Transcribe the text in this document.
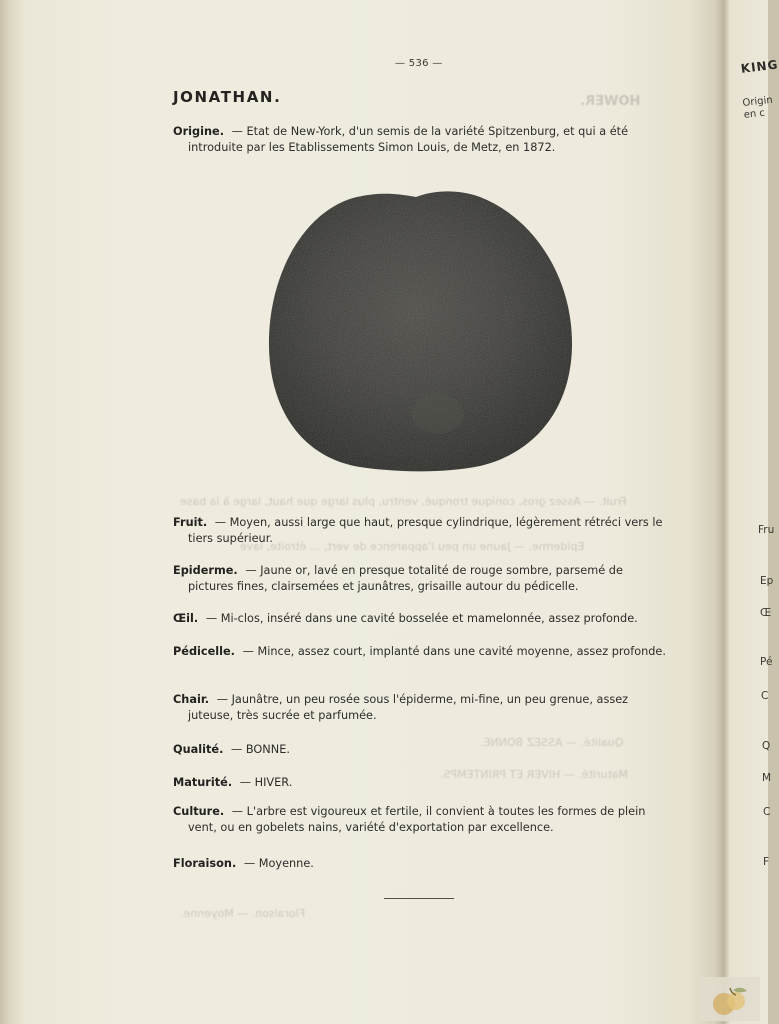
HOWER.
Fruit. — Assez gros, conique tronqué, ventru, plus large que haut, large à la base
Epiderme. — Jaune un peu l'apparence de vert, ... étroite, lavé
Qualité. — ASSEZ BONNE.
Maturité. — HIVER ET PRINTEMPS.
Floraison. — Moyenne.
— 536 —
JONATHAN.

Origine. — Etat de New-York, d'un semis de la variété Spitzenburg, et qui a été introduite par les Etablissements Simon Louis, de Metz, en 1872.

Fruit. — Moyen, aussi large que haut, presque cylindrique, légèrement rétréci vers le tiers supérieur.

Epiderme. — Jaune or, lavé en presque totalité de rouge sombre, parsemé de pictures fines, clairsemées et jaunâtres, grisaille autour du pédicelle.

Œil. — Mi-clos, inséré dans une cavité bosselée et mamelonnée, assez profonde.

Pédicelle. — Mince, assez court, implanté dans une cavité moyenne, assez profonde.

Chair. — Jaunâtre, un peu rosée sous l'épiderme, mi-fine, un peu grenue, assez juteuse, très sucrée et parfumée.

Qualité. — BONNE.

Maturité. — HIVER.

Culture. — L'arbre est vigoureux et fertile, il convient à toutes les formes de plein vent, ou en gobelets nains, variété d'exportation par excellence.

Floraison. — Moyenne.

KING
Origin
en c
Fru
Ep
Œ
Pé
C
Q
M
C
F
